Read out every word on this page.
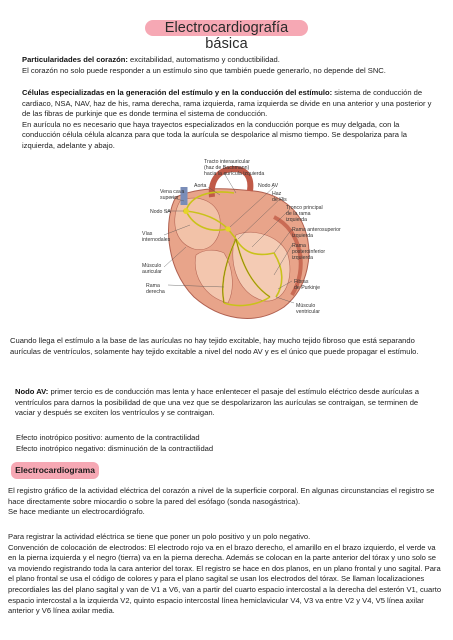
Electrocardiografía básica

Particularidades del corazón: excitabilidad, automatismo y conductibilidad.
El corazón no solo puede responder a un estímulo sino que también puede generarlo, no depende del SNC.

Células especializadas en la generación del estímulo y en la conducción del estímulo: sistema de conducción de cardiaco, NSA, NAV, haz de his, rama derecha, rama izquierda, rama izquierda se divide en una anterior y una posterior y de las fibras de purkinje que es donde termina el sistema de conducción.
En aurícula no es necesario que haya trayectos especializados en la conducción porque es muy delgada, con la conducción célula célula alcanza para que toda la aurícula se despolarice al mismo tiempo. Se despolariza para la izquierda, adelante y abajo.

Tracto interauricular
(haz de Bachmann)
hacia la aurícula izquierda
Aorta
Vena cava
superior
Nodo AV
Haz
de His
Nodo SA
Tronco principal
de la rama
izquierda
Vías
internodales
Rama anterosuperior
izquierda
Rama
posteroinferior
izquierda
Músculo
auricular
Rama
derecha
Fibras
de Purkinje
Músculo
ventricular

Cuando llega el estímulo a la base de las aurículas no hay tejido excitable, hay mucho tejido fibroso que está separando aurículas de ventrículos, solamente hay tejido excitable a nivel del nodo AV y es el único que puede propagar el estímulo.

Nodo AV: primer tercio es de conducción mas lenta y hace enlentecer el pasaje del estímulo eléctrico desde aurículas a ventrículos para darnos la posibilidad de que una vez que se despolarizaron las aurículas se contraigan, se terminen de vaciar y después se exciten los ventrículos y se contraigan.

Efecto inotrópico positivo: aumento de la contractilidad
Efecto inotrópico negativo: disminución de la contractilidad

Electrocardiograma

El registro gráfico de la actividad eléctrica del corazón a nivel de la superficie corporal. En algunas circunstancias el registro se hace directamente sobre miocardio o sobre la pared del esófago (sonda nasogástrica).
Se hace mediante un electrocardiógrafo.

Para registrar la actividad eléctrica se tiene que poner un polo positivo y un polo negativo.
Convención de colocación de electrodos: El electrodo rojo va en el brazo derecho, el amarillo en el brazo izquierdo, el verde va en la pierna izquierda y el negro (tierra) va en la pierna derecha. Además se colocan en la parte anterior del tórax y uno solo se va moviendo registrando toda la cara anterior del torax. El registro se hace en dos planos, en un plano frontal y uno sagital. Para el plano frontal se usa el código de colores y para el plano sagital se usan los electrodos del tórax. Se llaman localizaciones precordiales las del plano sagital y van de V1 a V6, van a partir del cuarto espacio intercostal a la derecha del esterón V1, cuarto espacio intercostal a la izquierda V2, quinto espacio intercostal línea hemiclavicular V4, V3 va entre V2 y V4, V5 línea axilar anterior y V6 línea axilar media.
